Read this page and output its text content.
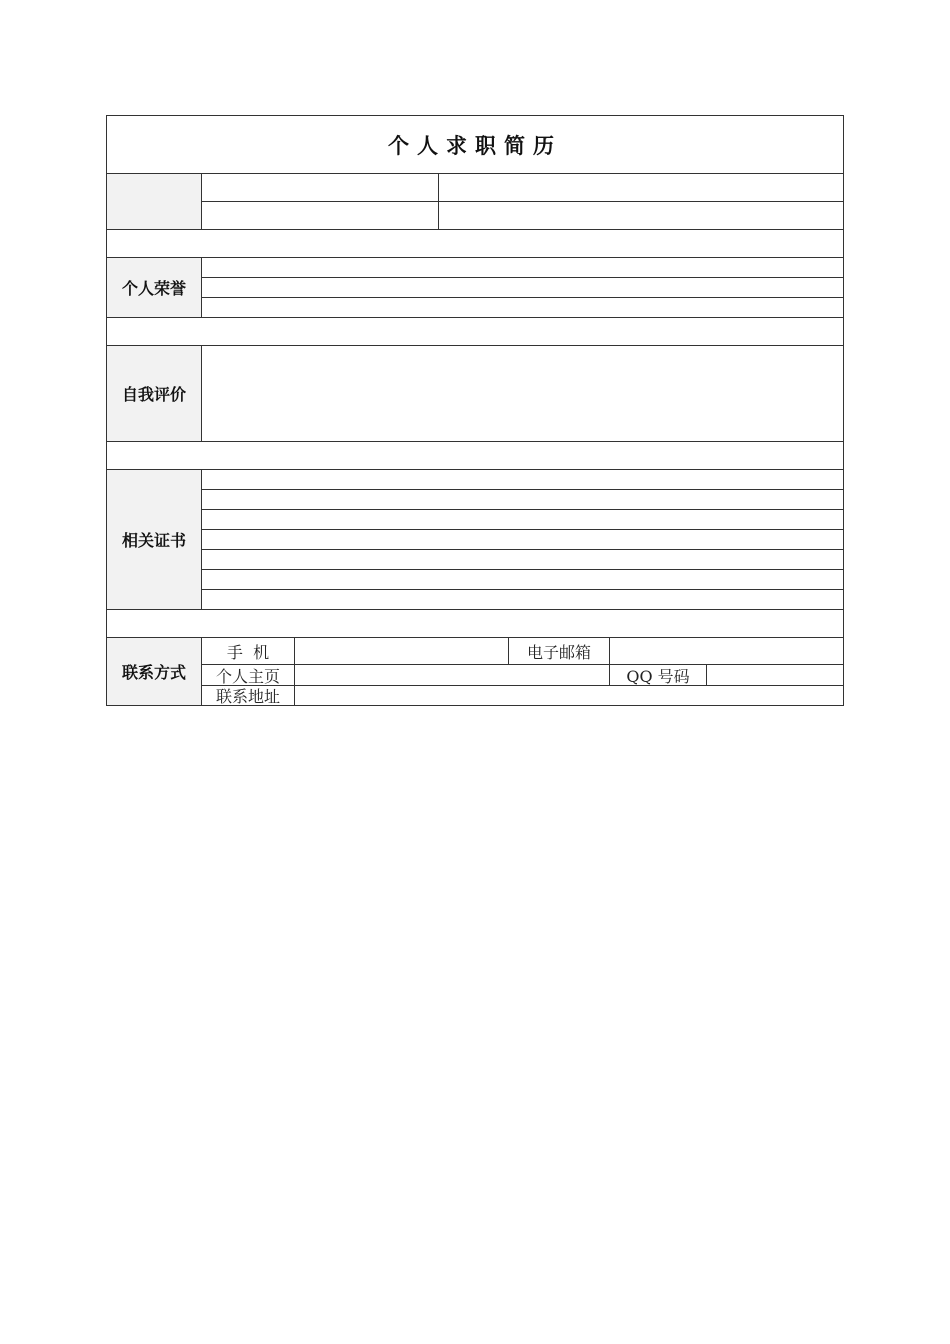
个人求职简历
个人荣誉
自我评价
相关证书
联系方式
手  机	电子邮箱
个人主页	QQ 号码
联系地址
